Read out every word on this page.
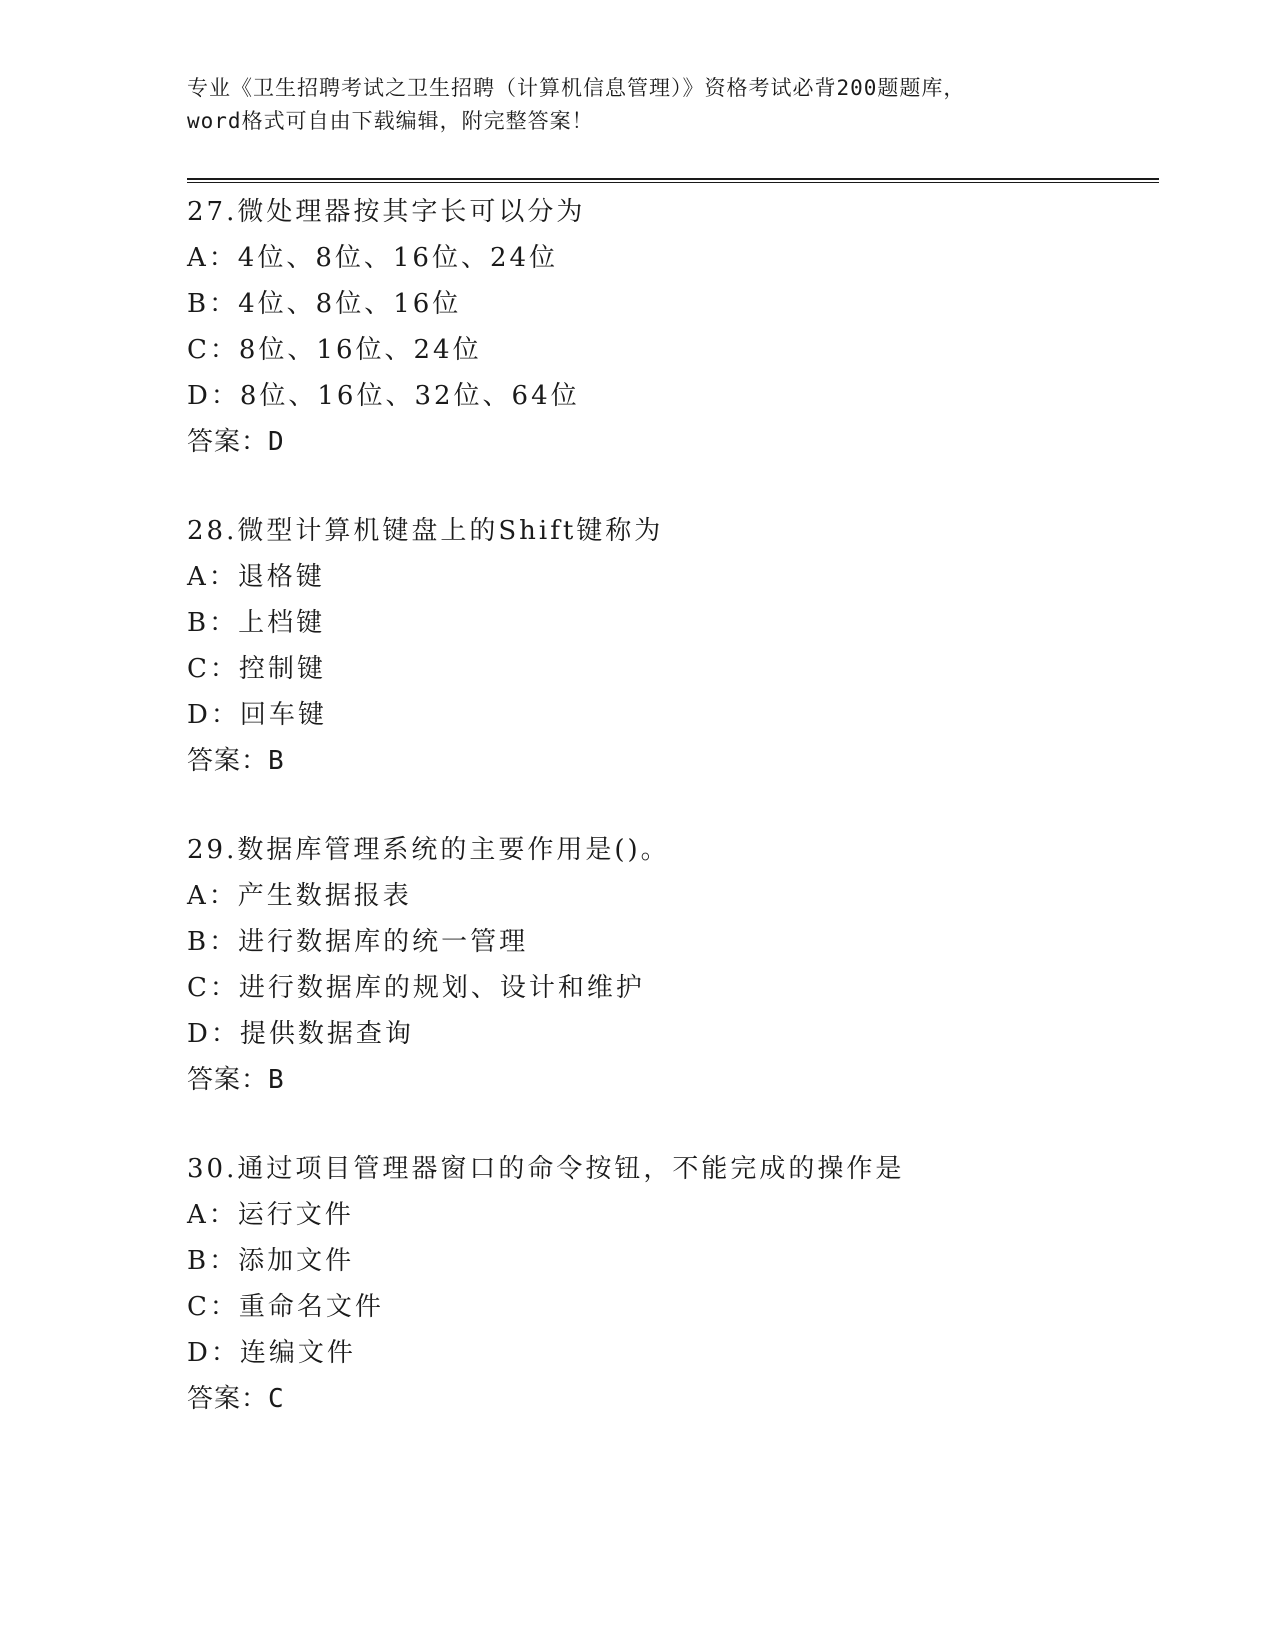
专业《卫生招聘考试之卫生招聘（计算机信息管理）》资格考试必背200题题库，
word格式可自由下载编辑，附完整答案！
27.微处理器按其字长可以分为
A：4位、8位、16位、24位
B：4位、8位、16位
C：8位、16位、24位
D：8位、16位、32位、64位
答案：D
28.微型计算机键盘上的Shift键称为
A：退格键
B：上档键
C：控制键
D：回车键
答案：B
29.数据库管理系统的主要作用是()。
A：产生数据报表
B：进行数据库的统一管理
C：进行数据库的规划、设计和维护
D：提供数据查询
答案：B
30.通过项目管理器窗口的命令按钮，不能完成的操作是
A：运行文件
B：添加文件
C：重命名文件
D：连编文件
答案：C
